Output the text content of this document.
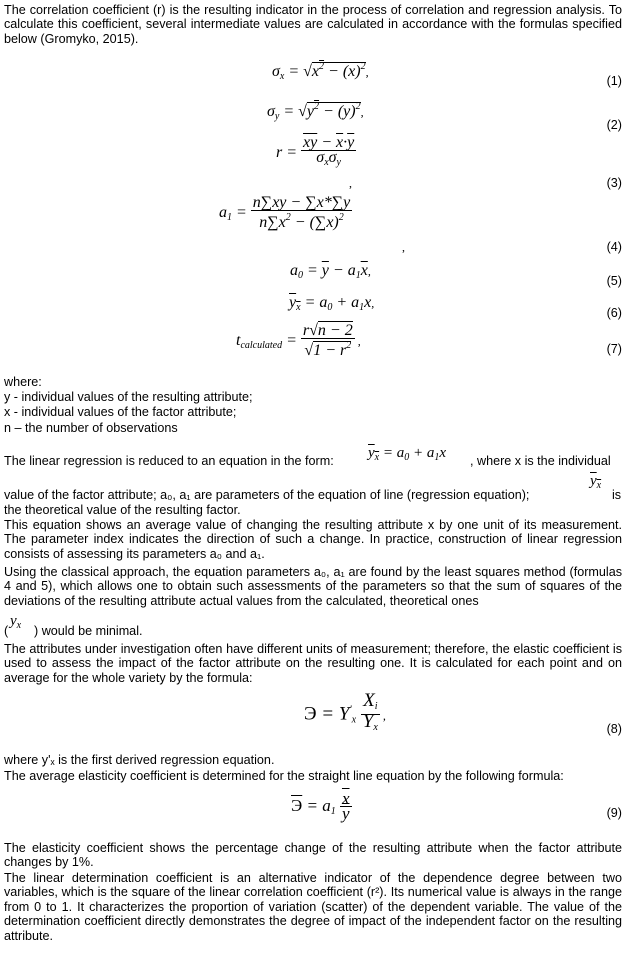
The correlation coefficient (r) is the resulting indicator in the process of correlation and regression analysis. To calculate this coefficient, several intermediate values are calculated in accordance with the formulas specified below (Gromyko, 2015).

$\sigma_x = √x^2 - (\overline{x})^2$,
(1)
$\sigma_y = √y^2 - (\overline{y})^2$,
(2)
$r = \frac{\overline{xy} - \overline{x}\cdot\overline{y}}{\sigma_x\sigma_y}$
,	(3)
$a_1 = \frac{n\sum xy - \sum x*\sum y}{n\sum x^2 - (\sum x)^2}$
,	(4)
$a_0 = \overline{y} - a_1\overline{x}$,
(5)
$y_x = a_0 + a_1x$,
(6)
$t_{calculated} = \frac{r√n - 2}{√1 - r^2}$ ,
(7)

where:

y - individual values of the resulting attribute;

x - individual values of the factor attribute;

n – the number of observations

The linear regression is reduced to an equation in the form: $y_x = a_0 + a_1x$ , where x is the individual
value of the factor attribute; a₀, a₁ are parameters of the equation of line (regression equation);
$y_x$
is

the theoretical value of the resulting factor.

This equation shows an average value of changing the resulting attribute x by one unit of its measurement. The parameter index indicates the direction of such a change. In practice, construction of linear regression consists of assessing its parameters a₀ and a₁.

Using the classical approach, the equation parameters a₀, a₁ are found by the least squares method (formulas 4 and 5), which allows one to obtain such assessments of the parameters so that the sum of squares of the deviations of the resulting attribute actual values from the calculated, theoretical ones

(
$y_x$ ) would be minimal.

The attributes under investigation often have different units of measurement; therefore, the elastic coefficient is used to assess the impact of the factor attribute on the resulting one. It is calculated for each point and on average for the whole variety by the formula:

$Э = Y'_x \frac{X_i}{Y_x}$ ,
(8)

where y'ₓ is the first derived regression equation.

The average elasticity coefficient is determined for the straight line equation by the following formula:

$Э = a_1 \frac{\overline{x}}{y}$	(9)

The elasticity coefficient shows the percentage change of the resulting attribute when the factor attribute changes by 1%.

The linear determination coefficient is an alternative indicator of the dependence degree between two variables, which is the square of the linear correlation coefficient (r²). Its numerical value is always in the range from 0 to 1. It characterizes the proportion of variation (scatter) of the dependent variable. The value of the determination coefficient directly demonstrates the degree of impact of the independent factor on the resulting attribute.
